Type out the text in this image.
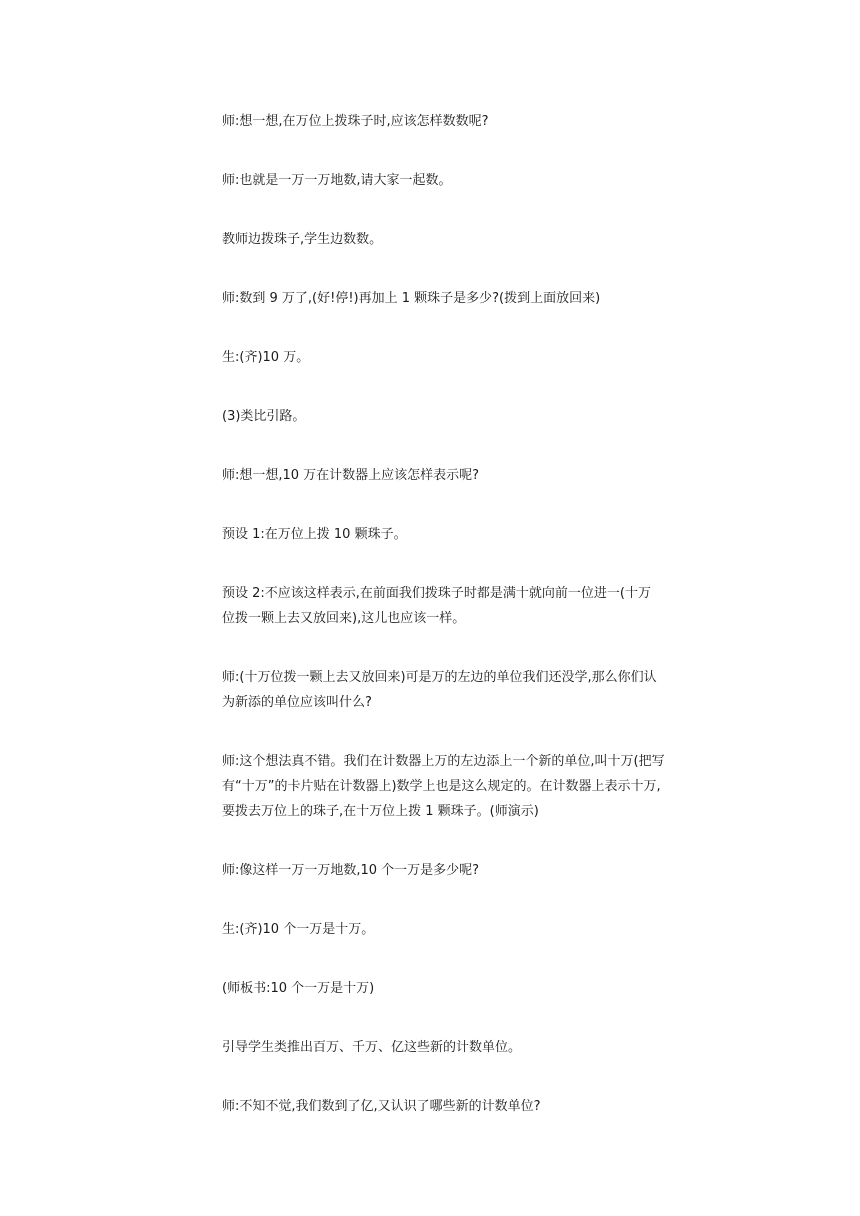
师:想一想,在万位上拨珠子时,应该怎样数数呢?

师:也就是一万一万地数,请大家一起数。

教师边拨珠子,学生边数数。

师:数到 9 万了,(好!停!)再加上 1 颗珠子是多少?(拨到上面放回来)

生:(齐)10 万。

(3)类比引路。

师:想一想,10 万在计数器上应该怎样表示呢?

预设 1:在万位上拨 10 颗珠子。

预设 2:不应该这样表示,在前面我们拨珠子时都是满十就向前一位进一(十万
位拨一颗上去又放回来),这儿也应该一样。

师:(十万位拨一颗上去又放回来)可是万的左边的单位我们还没学,那么你们认
为新添的单位应该叫什么?

师:这个想法真不错。我们在计数器上万的左边添上一个新的单位,叫十万(把写
有“十万”的卡片贴在计数器上)数学上也是这么规定的。在计数器上表示十万,
要拨去万位上的珠子,在十万位上拨 1 颗珠子。(师演示)

师:像这样一万一万地数,10 个一万是多少呢?

生:(齐)10 个一万是十万。

(师板书:10 个一万是十万)

引导学生类推出百万、千万、亿这些新的计数单位。

师:不知不觉,我们数到了亿,又认识了哪些新的计数单位?
